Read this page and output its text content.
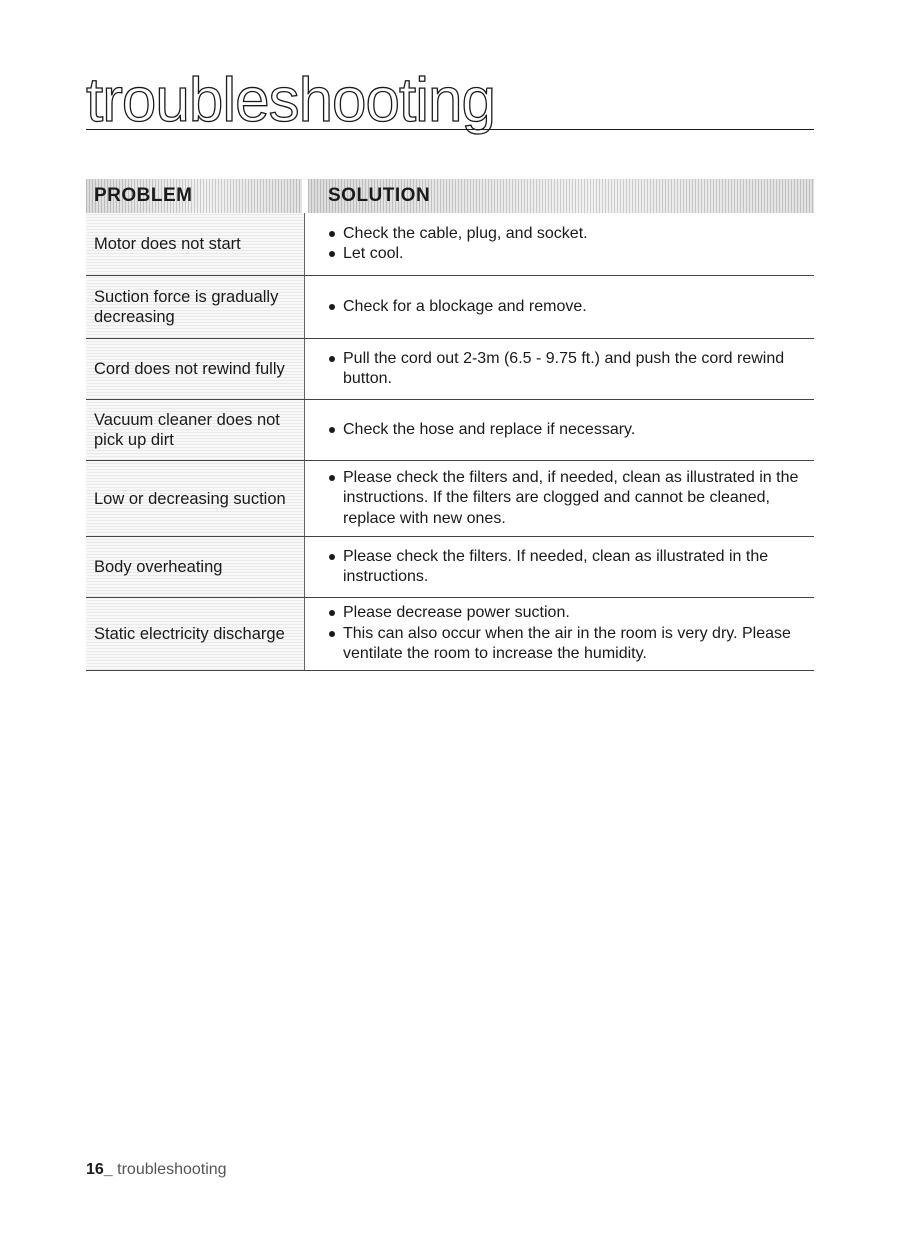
troubleshooting
PROBLEM	SOLUTION
Motor does not start
Check the cable, plug, and socket.
Let cool.
Suction force is gradually decreasing
Check for a blockage and remove.
Cord does not rewind fully
Pull the cord out 2-3m (6.5 - 9.75 ft.) and push the cord rewind button.
Vacuum cleaner does not pick up dirt
Check the hose and replace if necessary.
Low or decreasing suction
Please check the filters and, if needed, clean as illustrated in the instructions. If the filters are clogged and cannot be cleaned, replace with new ones.
Body overheating
Please check the filters. If needed, clean as illustrated in the instructions.
Static electricity discharge
Please decrease power suction.
This can also occur when the air in the room is very dry. Please ventilate the room to increase the humidity.
16_ troubleshooting
